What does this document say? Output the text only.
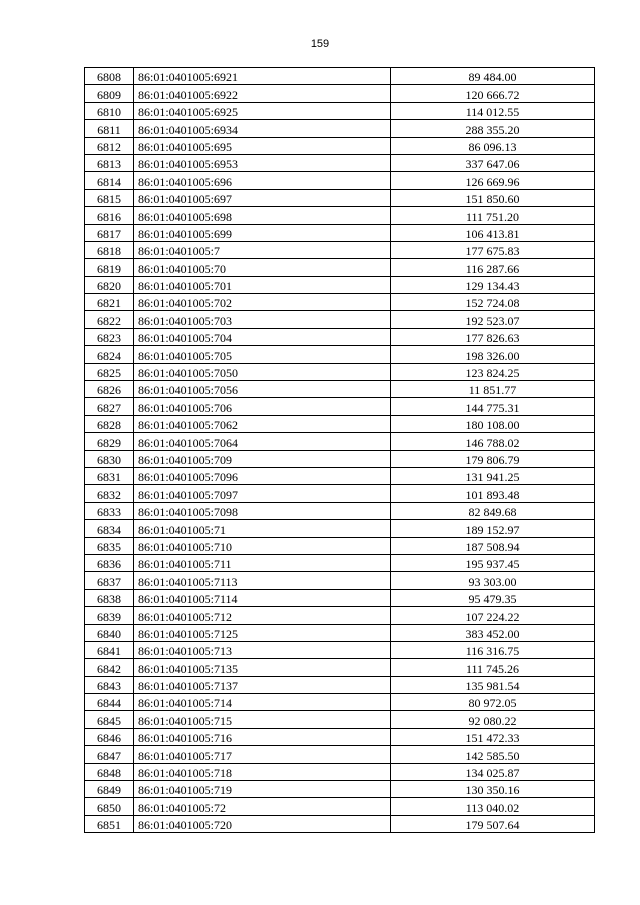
159
6808	86:01:0401005:6921	89 484.00
6809	86:01:0401005:6922	120 666.72
6810	86:01:0401005:6925	114 012.55
6811	86:01:0401005:6934	288 355.20
6812	86:01:0401005:695	86 096.13
6813	86:01:0401005:6953	337 647.06
6814	86:01:0401005:696	126 669.96
6815	86:01:0401005:697	151 850.60
6816	86:01:0401005:698	111 751.20
6817	86:01:0401005:699	106 413.81
6818	86:01:0401005:7	177 675.83
6819	86:01:0401005:70	116 287.66
6820	86:01:0401005:701	129 134.43
6821	86:01:0401005:702	152 724.08
6822	86:01:0401005:703	192 523.07
6823	86:01:0401005:704	177 826.63
6824	86:01:0401005:705	198 326.00
6825	86:01:0401005:7050	123 824.25
6826	86:01:0401005:7056	11 851.77
6827	86:01:0401005:706	144 775.31
6828	86:01:0401005:7062	180 108.00
6829	86:01:0401005:7064	146 788.02
6830	86:01:0401005:709	179 806.79
6831	86:01:0401005:7096	131 941.25
6832	86:01:0401005:7097	101 893.48
6833	86:01:0401005:7098	82 849.68
6834	86:01:0401005:71	189 152.97
6835	86:01:0401005:710	187 508.94
6836	86:01:0401005:711	195 937.45
6837	86:01:0401005:7113	93 303.00
6838	86:01:0401005:7114	95 479.35
6839	86:01:0401005:712	107 224.22
6840	86:01:0401005:7125	383 452.00
6841	86:01:0401005:713	116 316.75
6842	86:01:0401005:7135	111 745.26
6843	86:01:0401005:7137	135 981.54
6844	86:01:0401005:714	80 972.05
6845	86:01:0401005:715	92 080.22
6846	86:01:0401005:716	151 472.33
6847	86:01:0401005:717	142 585.50
6848	86:01:0401005:718	134 025.87
6849	86:01:0401005:719	130 350.16
6850	86:01:0401005:72	113 040.02
6851	86:01:0401005:720	179 507.64
